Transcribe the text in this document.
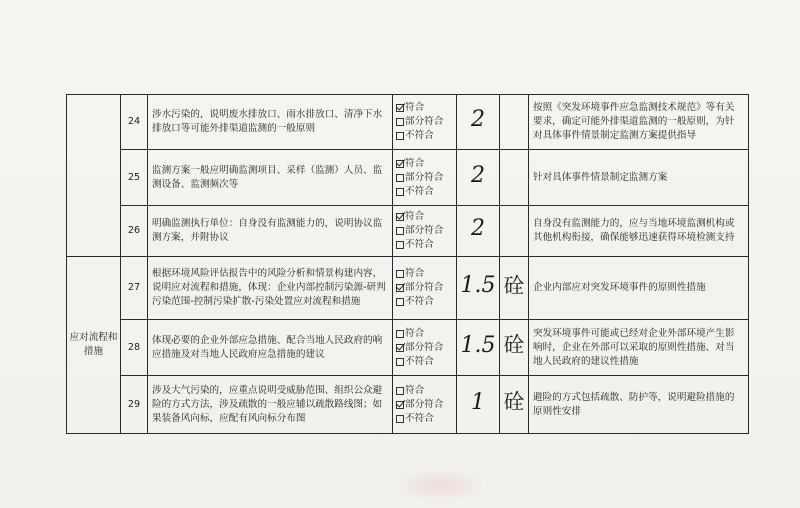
	24	涉水污染的，说明废水排放口、雨水排放口、清净下水排放口等可能外排渠道监测的一般原则	符合
部分符合
不符合	2		按照《突发环境事件应急监测技术规范》等有关要求，确定可能外排渠道监测的一般原则，为针对具体事件情景制定监测方案提供指导
	25	监测方案一般应明确监测项目、采样（监测）人员、监测设备、监测频次等	符合
部分符合
不符合	2		针对具体事件情景制定监测方案
	26	明确监测执行单位：自身没有监测能力的，说明协议监测方案，并附协议	符合
部分符合
不符合	2		自身没有监测能力的，应与当地环境监测机构或其他机构衔接，确保能够迅速获得环境检测支持
应对流程和措施	27	根据环境风险评估报告中的风险分析和情景构建内容，说明应对流程和措施，体现：企业内部控制污染源-研判污染范围-控制污染扩散-污染处置应对流程和措施	符合
部分符合
不符合	1.5	硂	企业内部应对突发环境事件的原则性措施
	28	体现必要的企业外部应急措施、配合当地人民政府的响应措施及对当地人民政府应急措施的建议	符合
部分符合
不符合	1.5	硂	突发环境事件可能或已经对企业外部环境产生影响时，企业在外部可以采取的原则性措施、对当地人民政府的建议性措施
	29	涉及大气污染的，应重点说明受威胁范围、组织公众避险的方式方法，涉及疏散的一般应辅以疏散路线图；如果装备风向标，应配有风向标分布图	符合
部分符合
不符合	1	硂	避险的方式包括疏散、防护等，说明避险措施的原则性安排
